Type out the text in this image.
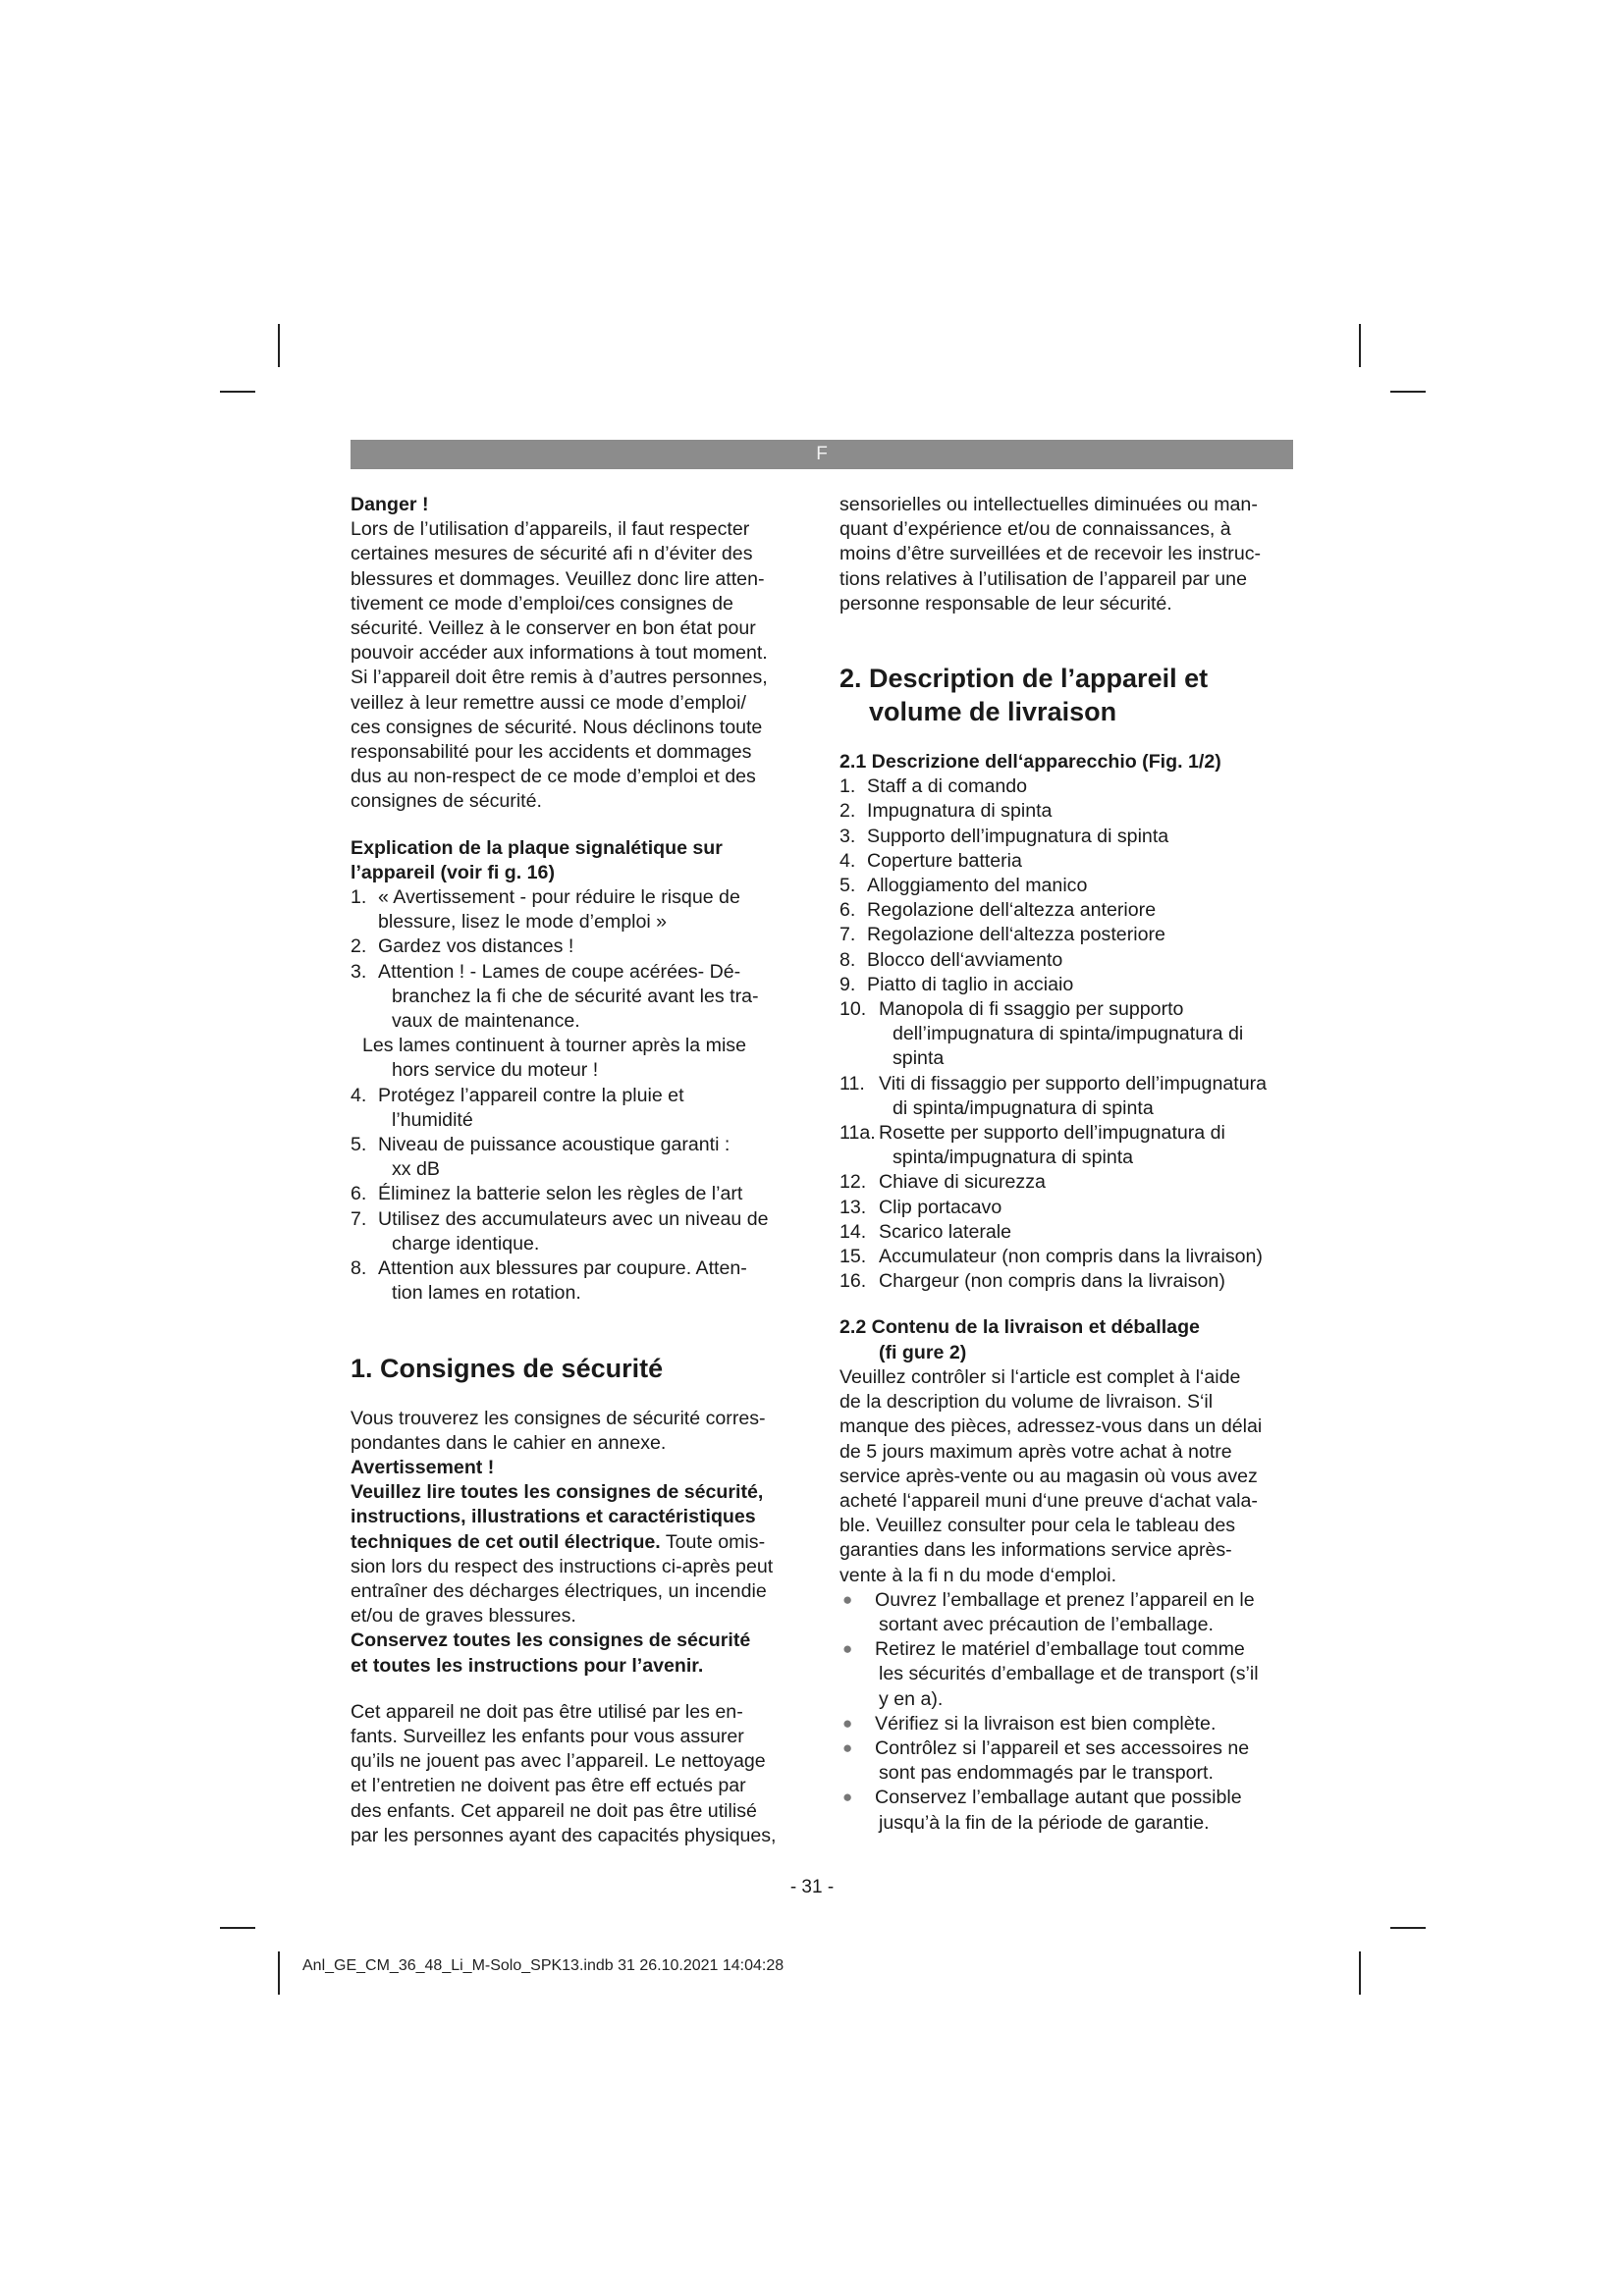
F

Danger !

Lors de l’utilisation d’appareils, il faut respecter

certaines mesures de sécurité afi n d’éviter des

blessures et dommages. Veuillez donc lire atten-

tivement ce mode d’emploi/ces consignes de

sécurité. Veillez à le conserver en bon état pour

pouvoir accéder aux informations à tout moment.

Si l’appareil doit être remis à d’autres personnes,

veillez à leur remettre aussi ce mode d’emploi/

ces consignes de sécurité. Nous déclinons toute

responsabilité pour les accidents et dommages

dus au non-respect de ce mode d’emploi et des

consignes de sécurité.

Explication de la plaque signalétique sur

l’appareil (voir fi g. 16)

1. « Avertissement - pour réduire le risque de
blessure, lisez le mode d’emploi »
2. Gardez vos distances !
3. Attention ! - Lames de coupe acérées- Dé-
branchez la fi che de sécurité avant les tra-
vaux de maintenance.
Les lames continuent à tourner après la mise
hors service du moteur !
4. Protégez l’appareil contre la pluie et
l’humidité
5. Niveau de puissance acoustique garanti :
xx dB
6. Éliminez la batterie selon les règles de l’art
7. Utilisez des accumulateurs avec un niveau de
charge identique.
8. Attention aux blessures par coupure. Atten-
tion lames en rotation.

1. Consignes de sécurité

Vous trouverez les consignes de sécurité corres-

pondantes dans le cahier en annexe.

Avertissement !

Veuillez lire toutes les consignes de sécurité,

instructions, illustrations et caractéristiques

techniques de cet outil électrique. Toute omis-

sion lors du respect des instructions ci-après peut

entraîner des décharges électriques, un incendie

et/ou de graves blessures.

Conservez toutes les consignes de sécurité

et toutes les instructions pour l’avenir.

Cet appareil ne doit pas être utilisé par les en-

fants. Surveillez les enfants pour vous assurer

qu’ils ne jouent pas avec l’appareil. Le nettoyage

et l’entretien ne doivent pas être eff ectués par

des enfants. Cet appareil ne doit pas être utilisé

par les personnes ayant des capacités physiques,

sensorielles ou intellectuelles diminuées ou man-

quant d’expérience et/ou de connaissances, à

moins d’être surveillées et de recevoir les instruc-

tions relatives à l’utilisation de l’appareil par une

personne responsable de leur sécurité.

2. Description de l’appareil et
volume de livraison

2.1 Descrizione dell‘apparecchio (Fig. 1/2)

1. Staff a di comando
2. Impugnatura di spinta
3. Supporto dell’impugnatura di spinta
4. Coperture batteria
5. Alloggiamento del manico
6. Regolazione dell‘altezza anteriore
7. Regolazione dell‘altezza posteriore
8. Blocco dell‘avviamento
9. Piatto di taglio in acciaio
10. Manopola di fi ssaggio per supporto
dell’impugnatura di spinta/impugnatura di
spinta
11. Viti di fissaggio per supporto dell’impugnatura
di spinta/impugnatura di spinta
11a. Rosette per supporto dell’impugnatura di
spinta/impugnatura di spinta
12. Chiave di sicurezza
13. Clip portacavo
14. Scarico laterale
15. Accumulateur (non compris dans la livraison)
16. Chargeur (non compris dans la livraison)

2.2 Contenu de la livraison et déballage

(fi gure 2)

Veuillez contrôler si l‘article est complet à l‘aide

de la description du volume de livraison. S‘il

manque des pièces, adressez-vous dans un délai

de 5 jours maximum après votre achat à notre

service après-vente ou au magasin où vous avez

acheté l‘appareil muni d‘une preuve d‘achat vala-

ble. Veuillez consulter pour cela le tableau des

garanties dans les informations service après-

vente à la fi n du mode d‘emploi.

● Ouvrez l’emballage et prenez l’appareil en le
sortant avec précaution de l’emballage.
● Retirez le matériel d’emballage tout comme
les sécurités d’emballage et de transport (s’il
y en a).
● Vérifiez si la livraison est bien complète.
● Contrôlez si l’appareil et ses accessoires ne
sont pas endommagés par le transport.
● Conservez l’emballage autant que possible
jusqu’à la fin de la période de garantie.
- 31 -
Anl_GE_CM_36_48_Li_M-Solo_SPK13.indb 31 26.10.2021 14:04:28
